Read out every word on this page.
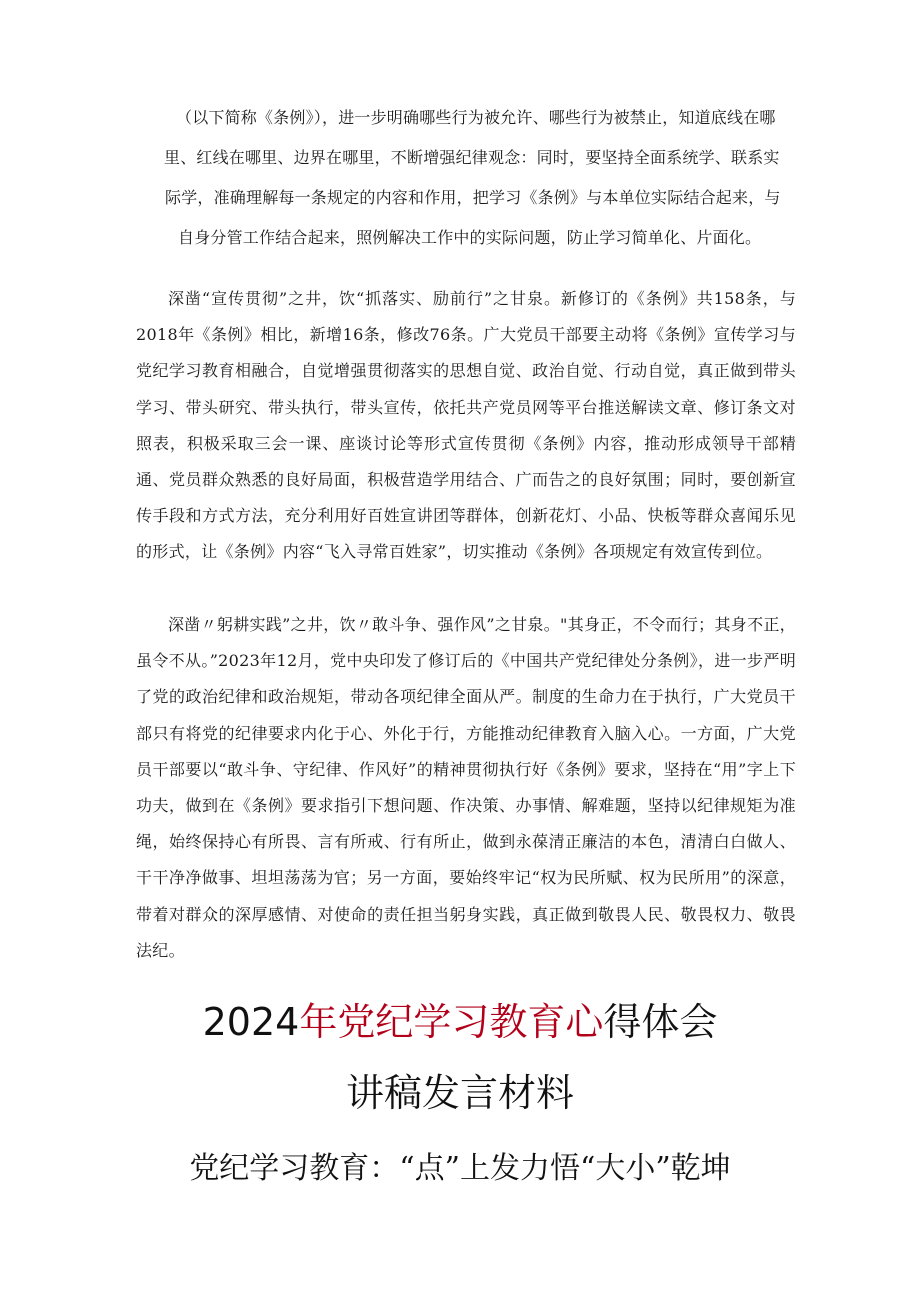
（以下简称《条例》），进一步明确哪些行为被允许、哪些行为被禁止，知道底线在哪
里、红线在哪里、边界在哪里，不断增强纪律观念：同时，要坚持全面系统学、联系实
际学，准确理解每一条规定的内容和作用，把学习《条例》与本单位实际结合起来，与
自身分管工作结合起来，照例解决工作中的实际问题，防止学习简单化、片面化。

深凿“宣传贯彻”之井，饮“抓落实、励前行”之甘泉。新修订的《条例》共158条，与2018年《条例》相比，新增16条，修改76条。广大党员干部要主动将《条例》宣传学习与党纪学习教育相融合，自觉增强贯彻落实的思想自觉、政治自觉、行动自觉，真正做到带头学习、带头研究、带头执行，带头宣传，依托共产党员网等平台推送解读文章、修订条文对照表，积极采取三会一课、座谈讨论等形式宣传贯彻《条例》内容，推动形成领导干部精通、党员群众熟悉的良好局面，积极营造学用结合、广而告之的良好氛围；同时，要创新宣传手段和方式方法，充分利用好百姓宣讲团等群体，创新花灯、小品、快板等群众喜闻乐见的形式，让《条例》内容“飞入寻常百姓家”，切实推动《条例》各项规定有效宣传到位。

深凿〃躬耕实践”之井，饮〃敢斗争、强作风”之甘泉。"其身正，不令而行；其身不正，虽令不从。”2023年12月，党中央印发了修订后的《中国共产党纪律处分条例》，进一步严明了党的政治纪律和政治规矩，带动各项纪律全面从严。制度的生命力在于执行，广大党员干部只有将党的纪律要求内化于心、外化于行，方能推动纪律教育入脑入心。一方面，广大党员干部要以“敢斗争、守纪律、作风好”的精神贯彻执行好《条例》要求，坚持在“用”字上下功夫，做到在《条例》要求指引下想问题、作决策、办事情、解难题，坚持以纪律规矩为准绳，始终保持心有所畏、言有所戒、行有所止，做到永葆清正廉洁的本色，清清白白做人、干干净净做事、坦坦荡荡为官；另一方面，要始终牢记“权为民所赋、权为民所用”的深意，带着对群众的深厚感情、对使命的责任担当躬身实践，真正做到敬畏人民、敬畏权力、敬畏法纪。

2024年党纪学习教育心得体会
讲稿发言材料
党纪学习教育：“点”上发力悟“大小”乾坤
